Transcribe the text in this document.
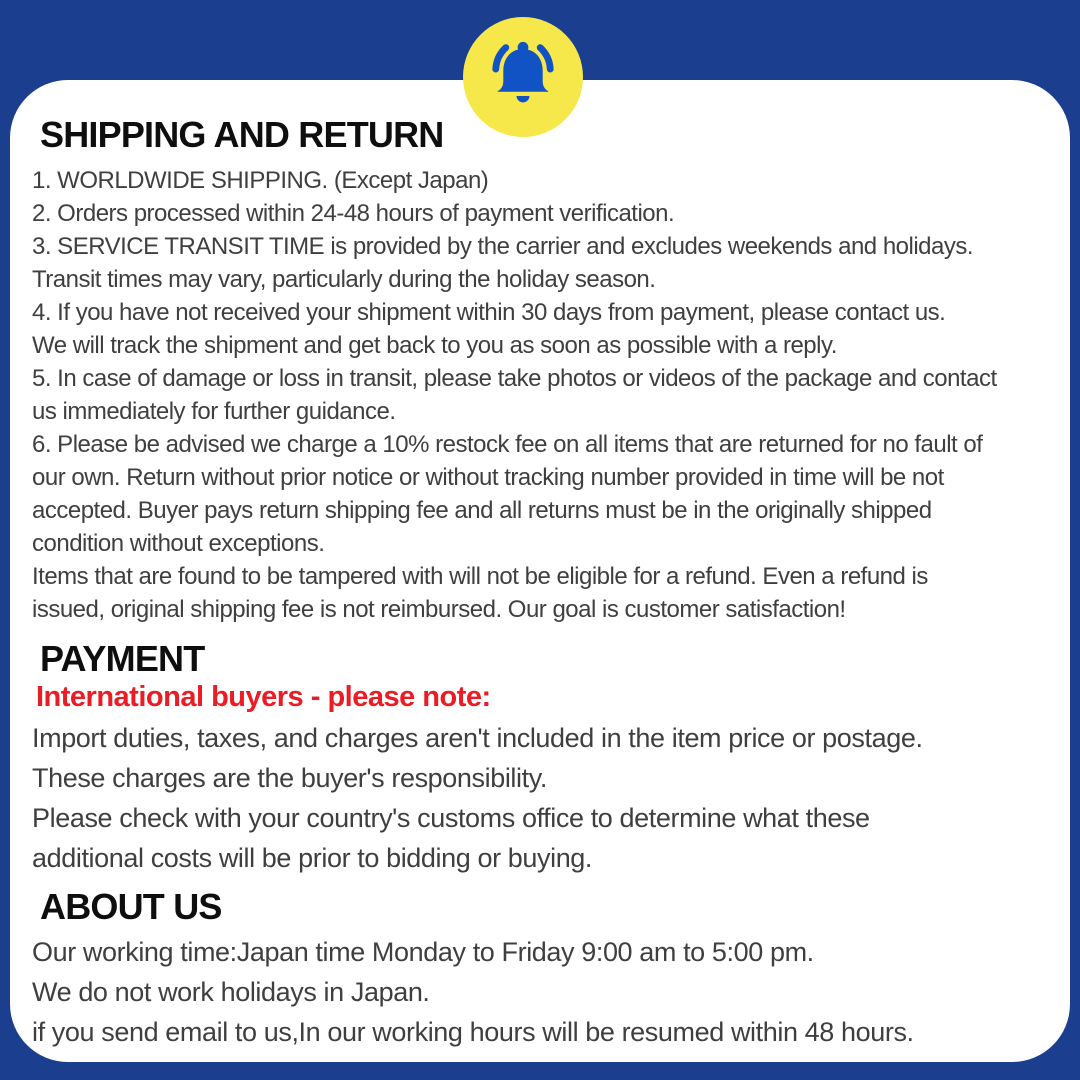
SHIPPING AND RETURN
1. WORLDWIDE SHIPPING. (Except Japan)
2. Orders processed within 24-48 hours of payment verification.
3. SERVICE TRANSIT TIME is provided by the carrier and excludes weekends and holidays.
Transit times may vary, particularly during the holiday season.
4. If you have not received your shipment within 30 days from payment, please contact us.
We will track the shipment and get back to you as soon as possible with a reply.
5. In case of damage or loss in transit, please take photos or videos of the package and contact
us immediately for further guidance.
6. Please be advised we charge a 10% restock fee on all items that are returned for no fault of
our own. Return without prior notice or without tracking number provided in time will be not
accepted. Buyer pays return shipping fee and all returns must be in the originally shipped
condition without exceptions.
Items that are found to be tampered with will not be eligible for a refund. Even a refund is
issued, original shipping fee is not reimbursed. Our goal is customer satisfaction!
PAYMENT
International buyers - please note:
Import duties, taxes, and charges aren't included in the item price or postage.
These charges are the buyer's responsibility.
Please check with your country's customs office to determine what these
additional costs will be prior to bidding or buying.
ABOUT US
Our working time:Japan time Monday to Friday 9:00 am to 5:00 pm.
We do not work holidays in Japan.
if you send email to us,In our working hours will be resumed within 48 hours.
